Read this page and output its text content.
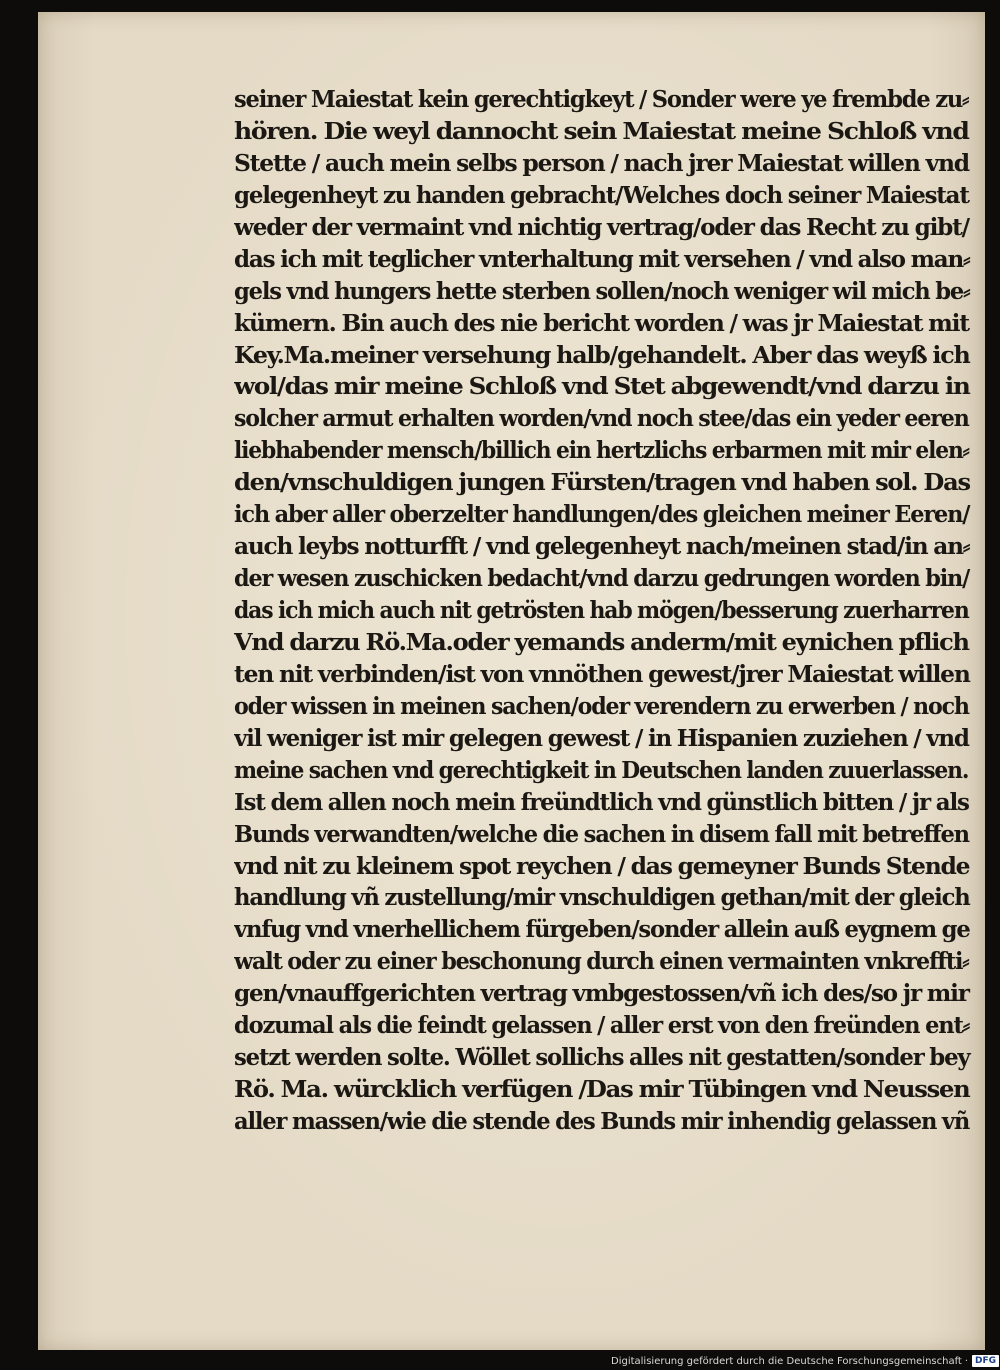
seiner Maiestat kein gerechtigkeyt / Sonder were ye frembde zu⸗
hören. Die weyl dannocht sein Maiestat meine Schloß vnd
Stette / auch mein selbs person / nach jrer Maiestat willen vnd
gelegenheyt zu handen gebracht/Welches doch seiner Maiestat
weder der vermaint vnd nichtig vertrag/oder das Recht zu gibt/
das ich mit teglicher vnterhaltung mit versehen / vnd also man⸗
gels vnd hungers hette sterben sollen/noch weniger wil mich be⸗
kümern. Bin auch des nie bericht worden / was jr Maiestat mit
Key.Ma.meiner versehung halb/gehandelt. Aber das weyß ich
wol/das mir meine Schloß vnd Stet abgewendt/vnd darzu in
solcher armut erhalten worden/vnd noch stee/das ein yeder eeren
liebhabender mensch/billich ein hertzlichs erbarmen mit mir elen⸗
den/vnschuldigen jungen Fürsten/tragen vnd haben sol. Das
ich aber aller oberzelter handlungen/des gleichen meiner Eeren/
auch leybs notturfft / vnd gelegenheyt nach/meinen stad/in an⸗
der wesen zuschicken bedacht/vnd darzu gedrungen worden bin/
das ich mich auch nit getrösten hab mögen/besserung zuerharren
Vnd darzu Rö.Ma.oder yemands anderm/mit eynichen pflich
ten nit verbinden/ist von vnnöthen gewest/jrer Maiestat willen
oder wissen in meinen sachen/oder verendern zu erwerben / noch
vil weniger ist mir gelegen gewest / in Hispanien zuziehen / vnd
meine sachen vnd gerechtigkeit in Deutschen landen zuuerlassen.
Ist dem allen noch mein freündtlich vnd günstlich bitten / jr als
Bunds verwandten/welche die sachen in disem fall mit betreffen
vnd nit zu kleinem spot reychen / das gemeyner Bunds Stende
handlung vñ zustellung/mir vnschuldigen gethan/mit der gleich
vnfug vnd vnerhellichem fürgeben/sonder allein auß eygnem ge
walt oder zu einer beschonung durch einen vermainten vnkreffti⸗
gen/vnauffgerichten vertrag vmbgestossen/vñ ich des/so jr mir
dozumal als die feindt gelassen / aller erst von den freünden ent⸗
setzt werden solte. Wöllet sollichs alles nit gestatten/sonder bey
Rö. Ma. würcklich verfügen /Das mir Tübingen vnd Neussen
aller massen/wie die stende des Bunds mir inhendig gelassen vñ
Digitalisierung gefördert durch die Deutsche Forschungsgemeinschaft · DFG
